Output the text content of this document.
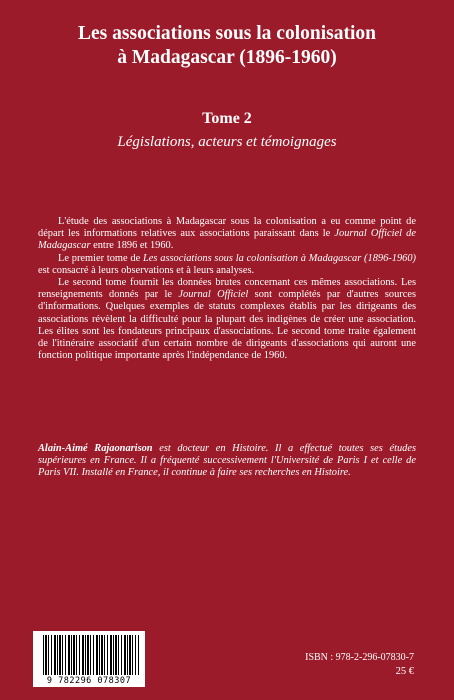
Les associations sous la colonisation
à Madagascar (1896-1960)
Tome 2
Législations, acteurs et témoignages

L'étude des associations à Madagascar sous la colonisation a eu comme point de départ les informations relatives aux associations paraissant dans le Journal Officiel de Madagascar entre 1896 et 1960.

Le premier tome de Les associations sous la colonisation à Madagascar (1896-1960) est consacré à leurs observations et à leurs analyses.

Le second tome fournit les données brutes concernant ces mêmes associations. Les renseignements donnés par le Journal Officiel sont complétés par d'autres sources d'informations. Quelques exemples de statuts complexes établis par les dirigeants des associations révèlent la difficulté pour la plupart des indigènes de créer une association. Les élites sont les fondateurs principaux d'associations. Le second tome traite également de l'itinéraire associatif d'un certain nombre de dirigeants d'associations qui auront une fonction politique importante après l'indépendance de 1960.

Alain-Aimé Rajaonarison est docteur en Histoire. Il a effectué toutes ses études supérieures en France. Il a fréquenté successivement l'Université de Paris I et celle de Paris VII. Installé en France, il continue à faire ses recherches en Histoire.
9 782296 078307
ISBN : 978-2-296-07830-7
25 €
